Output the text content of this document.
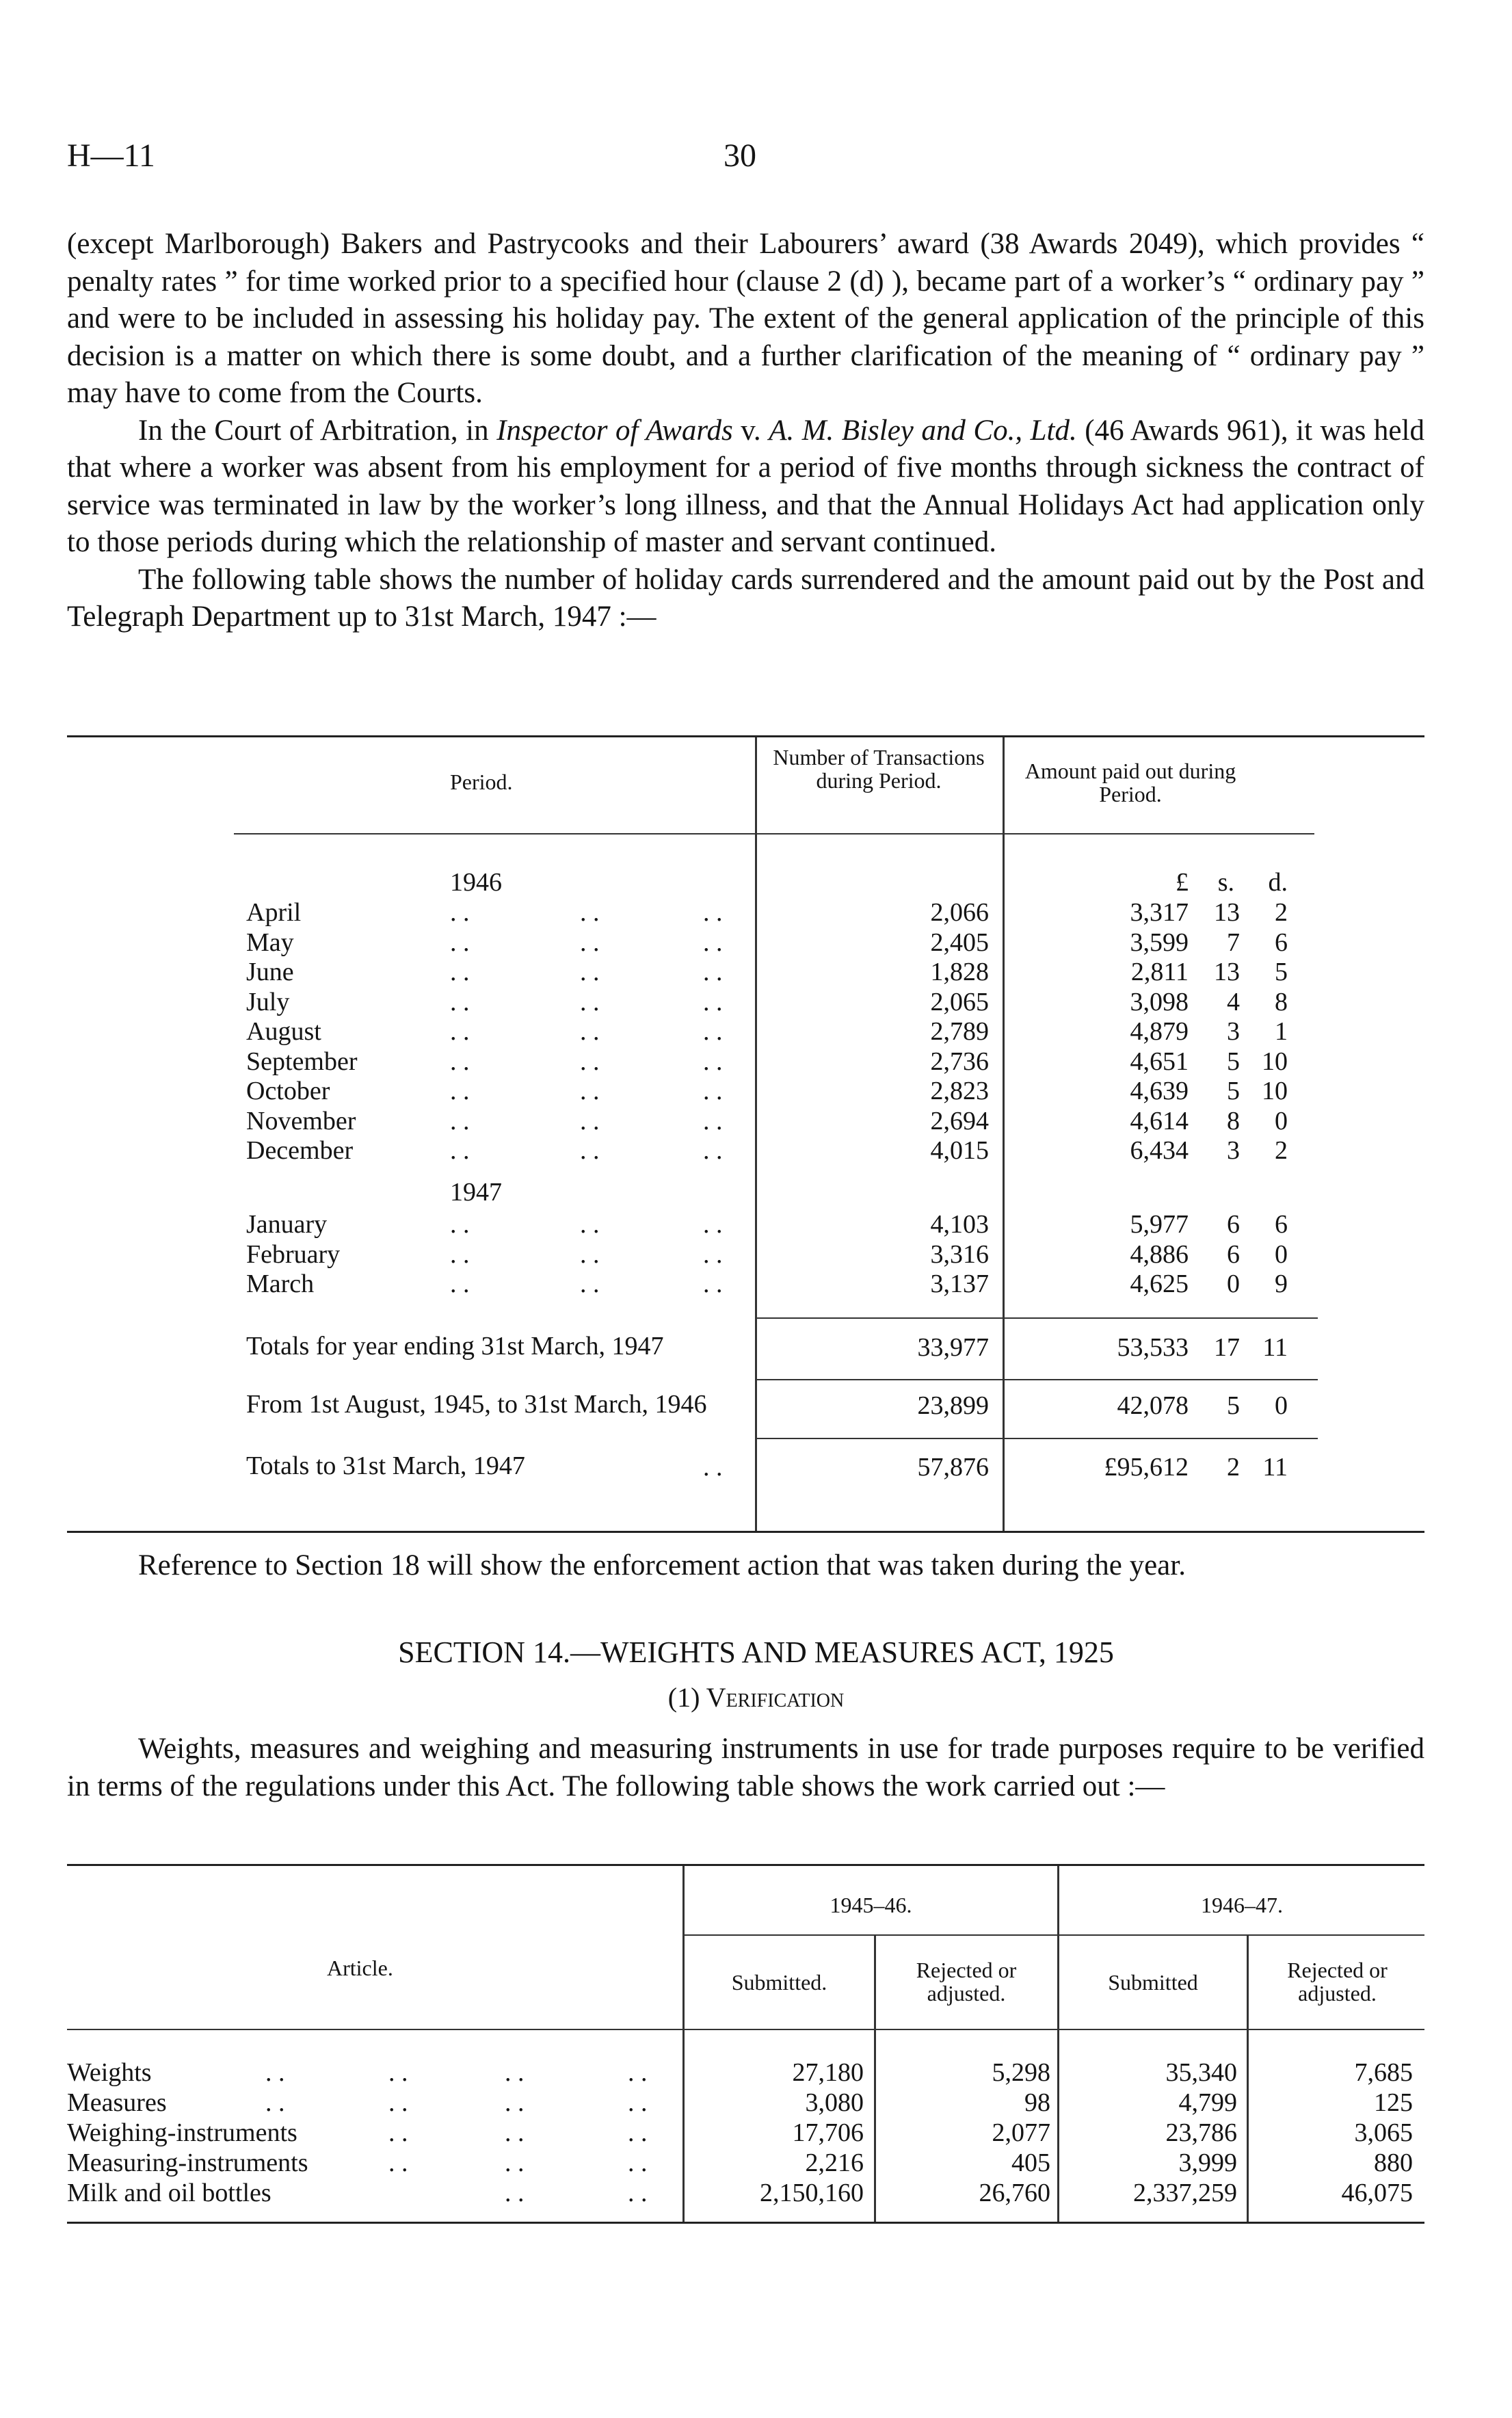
H—11	30

(except Marlborough) Bakers and Pastrycooks and their Labourers’ award (38 Awards 2049), which provides “ penalty rates ” for time worked prior to a specified hour (clause 2 (d) ), became part of a worker’s “ ordinary pay ” and were to be included in assessing his holiday pay. The extent of the general application of the principle of this decision is a matter on which there is some doubt, and a further clarification of the meaning of “ ordinary pay ” may have to come from the Courts.

In the Court of Arbitration, in Inspector of Awards v. A. M. Bisley and Co., Ltd. (46 Awards 961), it was held that where a worker was absent from his employment for a period of five months through sickness the contract of service was terminated in law by the worker’s long illness, and that the Annual Holidays Act had application only to those periods during which the relationship of master and servant continued.

The following table shows the number of holiday cards surrendered and the amount paid out by the Post and Telegraph Department up to 31st March, 1947 :—

Period.
Number of Transactions during Period.	Amount paid out during Period.
1946	£ s. d.
April	. .	. .	. .	2,066	3,317 13 2
May	. .	. .	. .	2,405	3,599 7 6
June	. .	. .	. .	1,828	2,811 13 5
July	. .	. .	. .	2,065	3,098 4 8
August	. .	. .	. .	2,789	4,879 3 1
September	. .	. .	. .	2,736	4,651 5 10
October	. .	. .	. .	2,823	4,639 5 10
November	. .	. .	. .	2,694	4,614 8 0
December	. .	. .	. .	4,015	6,434 3 2
1947
January	. .	. .	. .	4,103	5,977 6 6
February	. .	. .	. .	3,316	4,886 6 0
March	. .	. .	. .	3,137	4,625 0 9
Totals for year ending 31st March, 1947	33,977	53,533 17 11
From 1st August, 1945, to 31st March, 1946	23,899	42,078 5 0
Totals to 31st March, 1947	57,876	£95,612 2 11
. .

Reference to Section 18 will show the enforcement action that was taken during the year.

SECTION 14.—WEIGHTS AND MEASURES ACT, 1925
(1) Verification

Weights, measures and weighing and measuring instruments in use for trade purposes require to be verified in terms of the regulations under this Act. The following table shows the work carried out :—

Article.
1945–46.	1946–47.
Submitted.	Rejected or adjusted.	Submitted	Rejected or adjusted.
Weights	. .	. .	. .	. .	27,180	5,298	35,340	7,685
Measures	. .	. .	. .	. .	3,080	98	4,799	125
Weighing-instruments	. .	. .	. .	17,706	2,077	23,786	3,065
Measuring-instruments	. .	. .	. .	2,216	405	3,999	880
Milk and oil bottles	. .	. .	2,150,160	26,760	2,337,259	46,075
